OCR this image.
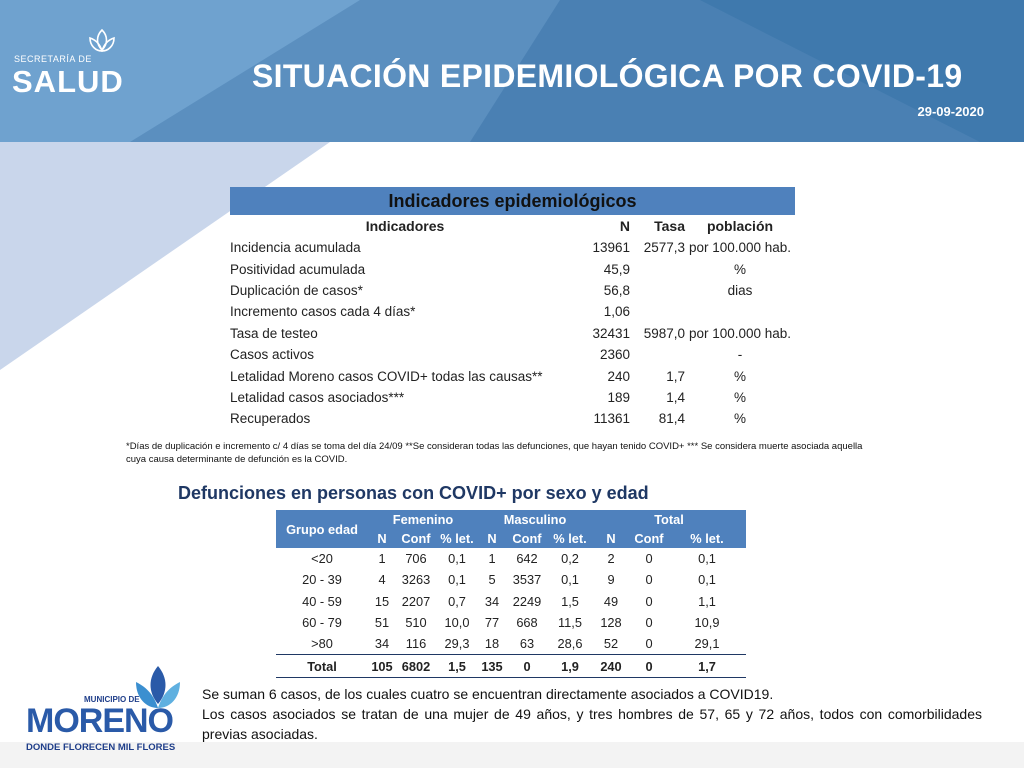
SECRETARÍA DE
SALUD	SITUACIÓN EPIDEMIOLÓGICA POR COVID-19
29-09-2020
Indicadores epidemiológicos
Indicadores	N	Tasa	población
Incidencia acumulada	13961	2577,3	por 100.000 hab.
Positividad acumulada	45,9		%
Duplicación de casos*	56,8		dias
Incremento casos cada 4 días*	1,06		
Tasa de testeo	32431	5987,0	por 100.000 hab.
Casos activos	2360		-
Letalidad Moreno casos COVID+ todas las causas**	240	1,7	%
Letalidad casos asociados***	189	1,4	%
Recuperados	11361	81,4	%
*Días de duplicación e incremento c/ 4 días se toma del día 24/09 **Se consideran todas las defunciones, que hayan tenido COVID+ *** Se considera muerte asociada aquella cuya causa determinante de defunción es la COVID.
Defunciones en personas con COVID+ por sexo y edad
Grupo edad	Femenino			Masculino			Total		
	N	Conf	% let.	N	Conf	% let.	N	Conf	% let.
<20	1	706	0,1	1	642	0,2	2	0	0,1
20 - 39	4	3263	0,1	5	3537	0,1	9	0	0,1
40 - 59	15	2207	0,7	34	2249	1,5	49	0	1,1
60 - 79	51	510	10,0	77	668	11,5	128	0	10,9
>80	34	116	29,3	18	63	28,6	52	0	29,1
Total	105	6802	1,5	135	0	1,9	240	0	1,7
MUNICIPIO DE
MORENO
DONDE FLORECEN MIL FLORES

Se suman 6 casos, de los cuales cuatro se encuentran directamente asociados a COVID19.

Los casos asociados se tratan de una mujer de 49 años, y tres hombres de 57, 65 y 72 años, todos con comorbilidades previas asociadas.
